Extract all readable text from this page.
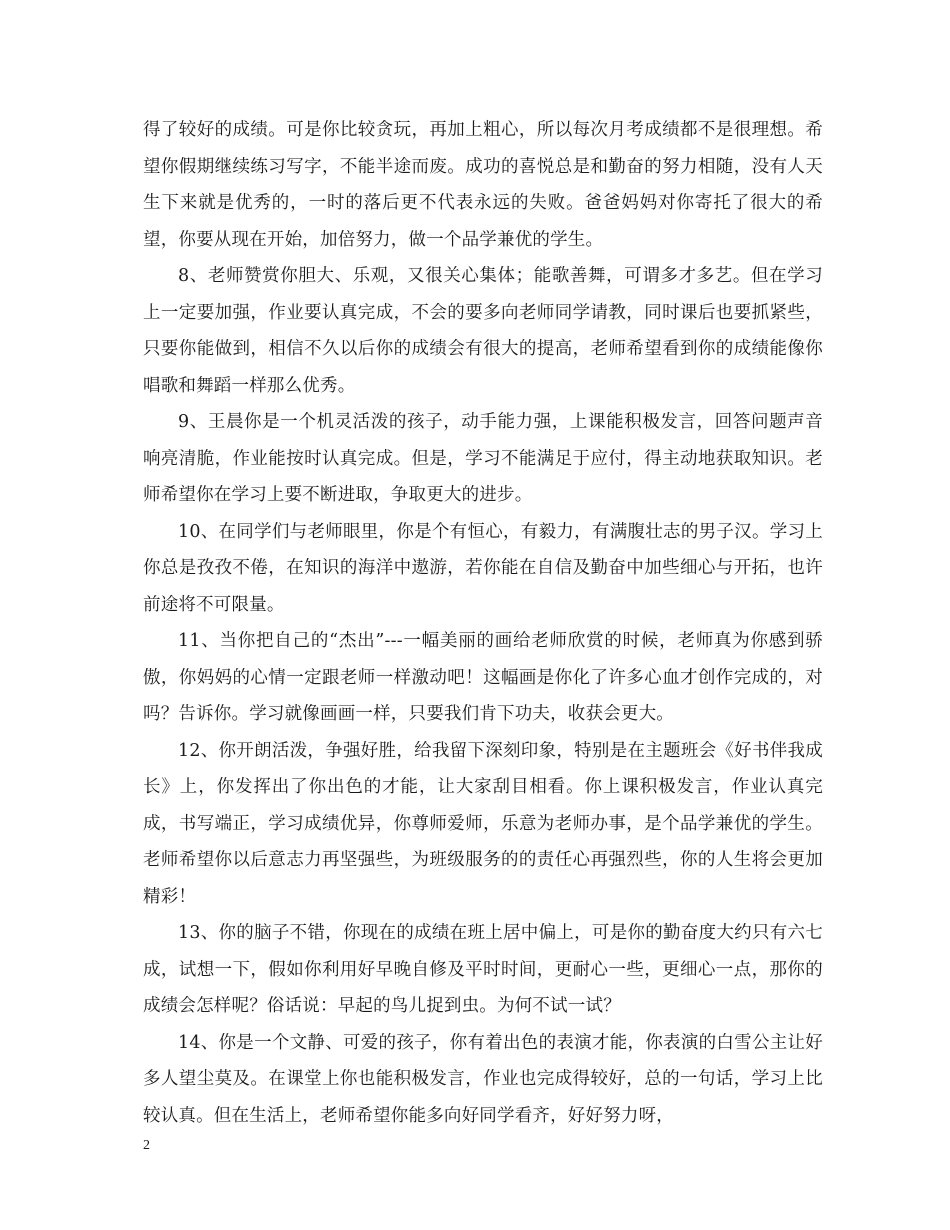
得了较好的成绩。可是你比较贪玩，再加上粗心，所以每次月考成绩都不是很理想。希望你假期继续练习写字，不能半途而废。成功的喜悦总是和勤奋的努力相随，没有人天生下来就是优秀的，一时的落后更不代表永远的失败。爸爸妈妈对你寄托了很大的希望，你要从现在开始，加倍努力，做一个品学兼优的学生。

8、老师赞赏你胆大、乐观，又很关心集体；能歌善舞，可谓多才多艺。但在学习上一定要加强，作业要认真完成，不会的要多向老师同学请教，同时课后也要抓紧些，只要你能做到，相信不久以后你的成绩会有很大的提高，老师希望看到你的成绩能像你唱歌和舞蹈一样那么优秀。

9、王晨你是一个机灵活泼的孩子，动手能力强，上课能积极发言，回答问题声音响亮清脆，作业能按时认真完成。但是，学习不能满足于应付，得主动地获取知识。老师希望你在学习上要不断进取，争取更大的进步。

10、在同学们与老师眼里，你是个有恒心，有毅力，有满腹壮志的男子汉。学习上你总是孜孜不倦，在知识的海洋中遨游，若你能在自信及勤奋中加些细心与开拓，也许前途将不可限量。

11、当你把自己的“杰出”---一幅美丽的画给老师欣赏的时候，老师真为你感到骄傲，你妈妈的心情一定跟老师一样激动吧！这幅画是你化了许多心血才创作完成的，对吗？告诉你。学习就像画画一样，只要我们肯下功夫，收获会更大。

12、你开朗活泼，争强好胜，给我留下深刻印象，特别是在主题班会《好书伴我成长》上，你发挥出了你出色的才能，让大家刮目相看。你上课积极发言，作业认真完成，书写端正，学习成绩优异，你尊师爱师，乐意为老师办事，是个品学兼优的学生。老师希望你以后意志力再坚强些，为班级服务的的责任心再强烈些，你的人生将会更加精彩！

13、你的脑子不错，你现在的成绩在班上居中偏上，可是你的勤奋度大约只有六七成，试想一下，假如你利用好早晚自修及平时时间，更耐心一些，更细心一点，那你的成绩会怎样呢？俗话说：早起的鸟儿捉到虫。为何不试一试？

14、你是一个文静、可爱的孩子，你有着出色的表演才能，你表演的白雪公主让好多人望尘莫及。在课堂上你也能积极发言，作业也完成得较好，总的一句话，学习上比较认真。但在生活上，老师希望你能多向好同学看齐，好好努力呀，

2
